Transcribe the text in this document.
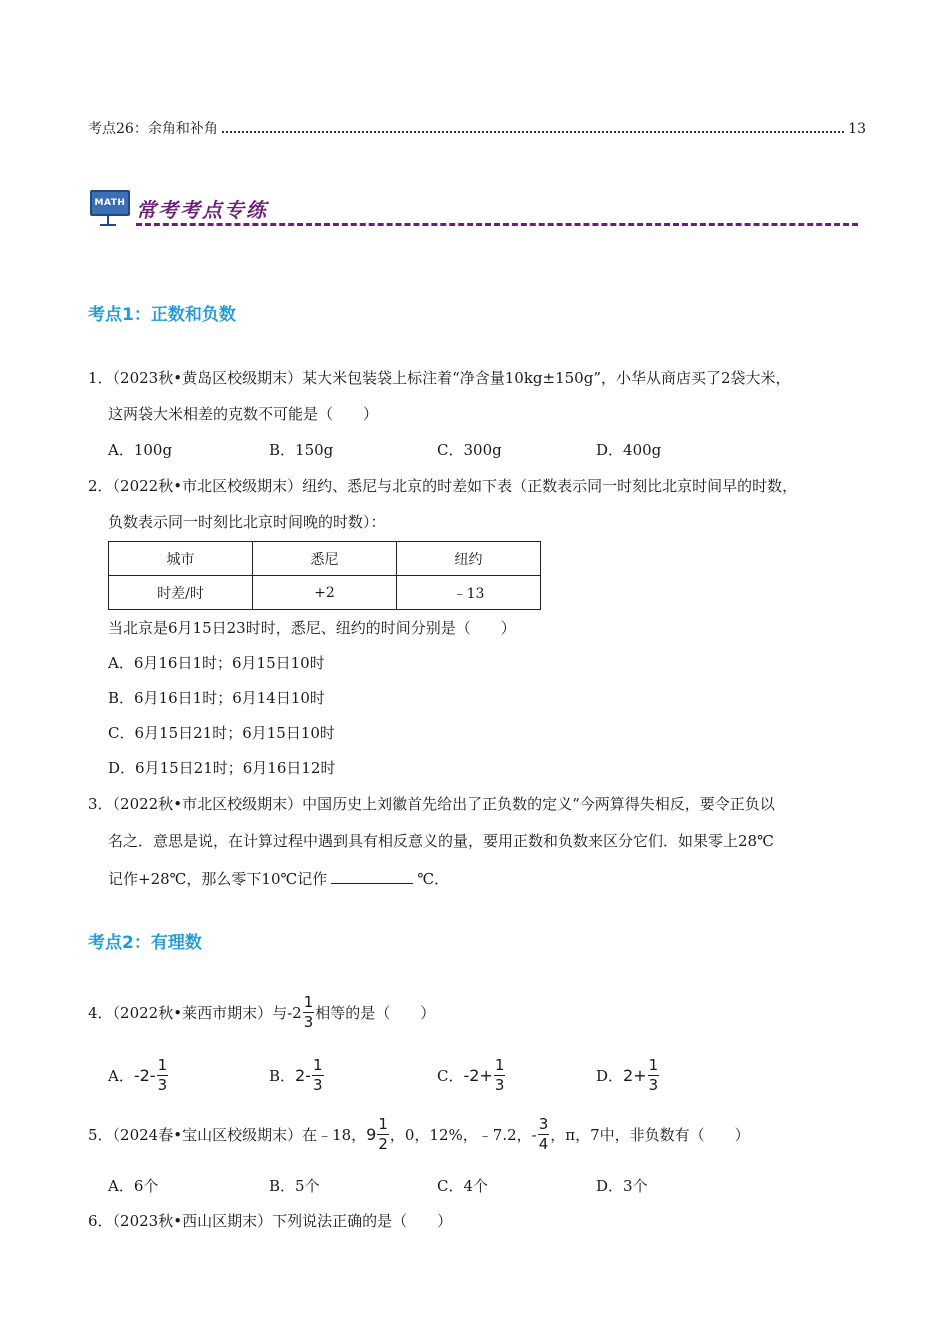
考点26：余角和补角	13
MATH 常考考点专练
考点1：正数和负数
1．（2023秋•黄岛区校级期末）某大米包装袋上标注着“净含量10kg±150g”，小华从商店买了2袋大米，
这两袋大米相差的克数不可能是（　　）
A．100g	B．150g	C．300g	D．400g
2．（2022秋•市北区校级期末）纽约、悉尼与北京的时差如下表（正数表示同一时刻比北京时间早的时数，
负数表示同一时刻比北京时间晚的时数）：
城市	悉尼	纽约
时差/时	+2	﹣13
当北京是6月15日23时时，悉尼、纽约的时间分别是（　　）
A．6月16日1时；6月15日10时
B．6月16日1时；6月14日10时
C．6月15日21时；6月15日10时
D．6月15日21时；6月16日12时
3．（2022秋•市北区校级期末）中国历史上刘徽首先给出了正负数的定义“今两算得失相反，要令正负以
名之．意思是说，在计算过程中遇到具有相反意义的量，要用正数和负数来区分它们．如果零上28℃
记作+28℃，那么零下10℃记作	℃．
考点2：有理数
4．（2022秋•莱西市期末）与$-2 \frac{1}{3}$ 相等的是（　　）
A． $-2- \frac{1}{3}$	B． $2- \frac{1}{3}$	C． $-2+ \frac{1}{3}$	D． $2+ \frac{1}{3}$
5．（2024春•宝山区校级期末）在﹣18， $9 \frac{1}{2}$ ，0，12%，﹣7.2，- $\frac{3}{4}$ ，π，7中，非负数有（　　）
A．6个	B．5个	C．4个	D．3个
6．（2023秋•西山区期末）下列说法正确的是（　　）
